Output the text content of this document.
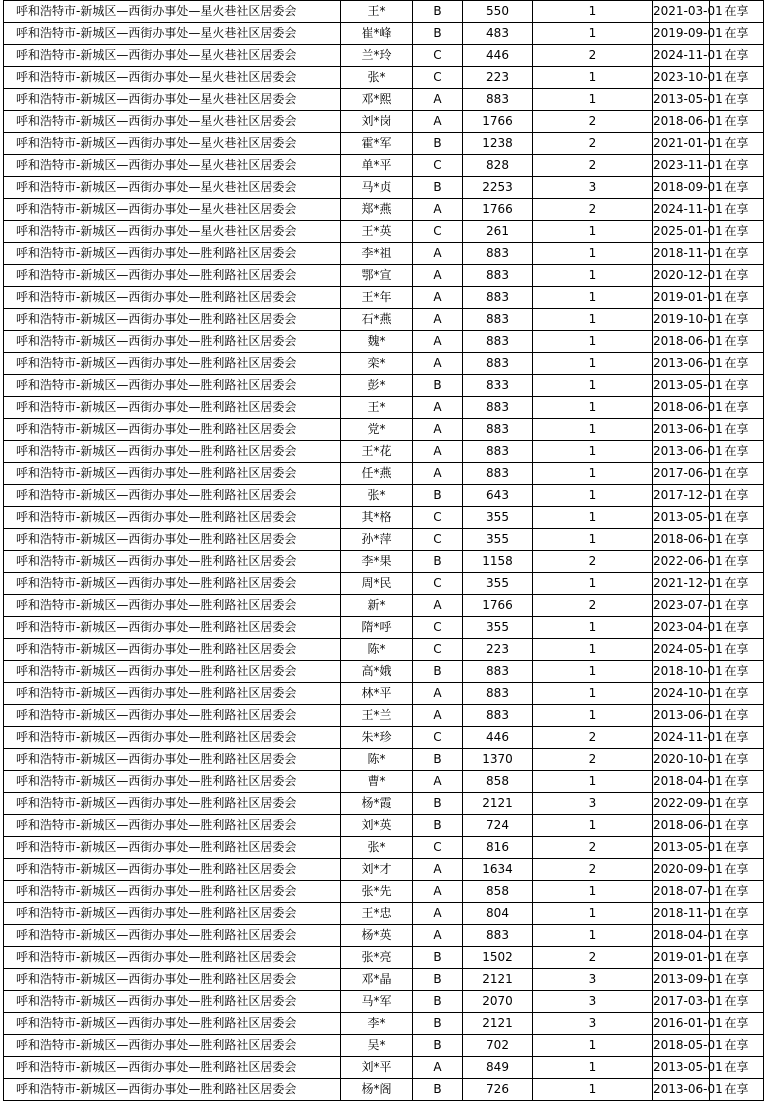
呼和浩特市-新城区—西街办事处—星火巷社区居委会	王*	B	550	1	2021-03-01	在享
呼和浩特市-新城区—西街办事处—星火巷社区居委会	崔*峰	B	483	1	2019-09-01	在享
呼和浩特市-新城区—西街办事处—星火巷社区居委会	兰*玲	C	446	2	2024-11-01	在享
呼和浩特市-新城区—西街办事处—星火巷社区居委会	张*	C	223	1	2023-10-01	在享
呼和浩特市-新城区—西街办事处—星火巷社区居委会	邓*熙	A	883	1	2013-05-01	在享
呼和浩特市-新城区—西街办事处—星火巷社区居委会	刘*岗	A	1766	2	2018-06-01	在享
呼和浩特市-新城区—西街办事处—星火巷社区居委会	霍*军	B	1238	2	2021-01-01	在享
呼和浩特市-新城区—西街办事处—星火巷社区居委会	单*平	C	828	2	2023-11-01	在享
呼和浩特市-新城区—西街办事处—星火巷社区居委会	马*贞	B	2253	3	2018-09-01	在享
呼和浩特市-新城区—西街办事处—星火巷社区居委会	郑*燕	A	1766	2	2024-11-01	在享
呼和浩特市-新城区—西街办事处—星火巷社区居委会	王*英	C	261	1	2025-01-01	在享
呼和浩特市-新城区—西街办事处—胜利路社区居委会	李*祖	A	883	1	2018-11-01	在享
呼和浩特市-新城区—西街办事处—胜利路社区居委会	鄂*宣	A	883	1	2020-12-01	在享
呼和浩特市-新城区—西街办事处—胜利路社区居委会	王*年	A	883	1	2019-01-01	在享
呼和浩特市-新城区—西街办事处—胜利路社区居委会	石*燕	A	883	1	2019-10-01	在享
呼和浩特市-新城区—西街办事处—胜利路社区居委会	魏*	A	883	1	2018-06-01	在享
呼和浩特市-新城区—西街办事处—胜利路社区居委会	栾*	A	883	1	2013-06-01	在享
呼和浩特市-新城区—西街办事处—胜利路社区居委会	彭*	B	833	1	2013-05-01	在享
呼和浩特市-新城区—西街办事处—胜利路社区居委会	王*	A	883	1	2018-06-01	在享
呼和浩特市-新城区—西街办事处—胜利路社区居委会	党*	A	883	1	2013-06-01	在享
呼和浩特市-新城区—西街办事处—胜利路社区居委会	王*花	A	883	1	2013-06-01	在享
呼和浩特市-新城区—西街办事处—胜利路社区居委会	任*燕	A	883	1	2017-06-01	在享
呼和浩特市-新城区—西街办事处—胜利路社区居委会	张*	B	643	1	2017-12-01	在享
呼和浩特市-新城区—西街办事处—胜利路社区居委会	其*格	C	355	1	2013-05-01	在享
呼和浩特市-新城区—西街办事处—胜利路社区居委会	孙*萍	C	355	1	2018-06-01	在享
呼和浩特市-新城区—西街办事处—胜利路社区居委会	李*果	B	1158	2	2022-06-01	在享
呼和浩特市-新城区—西街办事处—胜利路社区居委会	周*民	C	355	1	2021-12-01	在享
呼和浩特市-新城区—西街办事处—胜利路社区居委会	新*	A	1766	2	2023-07-01	在享
呼和浩特市-新城区—西街办事处—胜利路社区居委会	隋*呼	C	355	1	2023-04-01	在享
呼和浩特市-新城区—西街办事处—胜利路社区居委会	陈*	C	223	1	2024-05-01	在享
呼和浩特市-新城区—西街办事处—胜利路社区居委会	高*娥	B	883	1	2018-10-01	在享
呼和浩特市-新城区—西街办事处—胜利路社区居委会	林*平	A	883	1	2024-10-01	在享
呼和浩特市-新城区—西街办事处—胜利路社区居委会	王*兰	A	883	1	2013-06-01	在享
呼和浩特市-新城区—西街办事处—胜利路社区居委会	朱*珍	C	446	2	2024-11-01	在享
呼和浩特市-新城区—西街办事处—胜利路社区居委会	陈*	B	1370	2	2020-10-01	在享
呼和浩特市-新城区—西街办事处—胜利路社区居委会	曹*	A	858	1	2018-04-01	在享
呼和浩特市-新城区—西街办事处—胜利路社区居委会	杨*霞	B	2121	3	2022-09-01	在享
呼和浩特市-新城区—西街办事处—胜利路社区居委会	刘*英	B	724	1	2018-06-01	在享
呼和浩特市-新城区—西街办事处—胜利路社区居委会	张*	C	816	2	2013-05-01	在享
呼和浩特市-新城区—西街办事处—胜利路社区居委会	刘*才	A	1634	2	2020-09-01	在享
呼和浩特市-新城区—西街办事处—胜利路社区居委会	张*先	A	858	1	2018-07-01	在享
呼和浩特市-新城区—西街办事处—胜利路社区居委会	王*忠	A	804	1	2018-11-01	在享
呼和浩特市-新城区—西街办事处—胜利路社区居委会	杨*英	A	883	1	2018-04-01	在享
呼和浩特市-新城区—西街办事处—胜利路社区居委会	张*亮	B	1502	2	2019-01-01	在享
呼和浩特市-新城区—西街办事处—胜利路社区居委会	邓*晶	B	2121	3	2013-09-01	在享
呼和浩特市-新城区—西街办事处—胜利路社区居委会	马*军	B	2070	3	2017-03-01	在享
呼和浩特市-新城区—西街办事处—胜利路社区居委会	李*	B	2121	3	2016-01-01	在享
呼和浩特市-新城区—西街办事处—胜利路社区居委会	吴*	B	702	1	2018-05-01	在享
呼和浩特市-新城区—西街办事处—胜利路社区居委会	刘*平	A	849	1	2013-05-01	在享
呼和浩特市-新城区—西街办事处—胜利路社区居委会	杨*阁	B	726	1	2013-06-01	在享
